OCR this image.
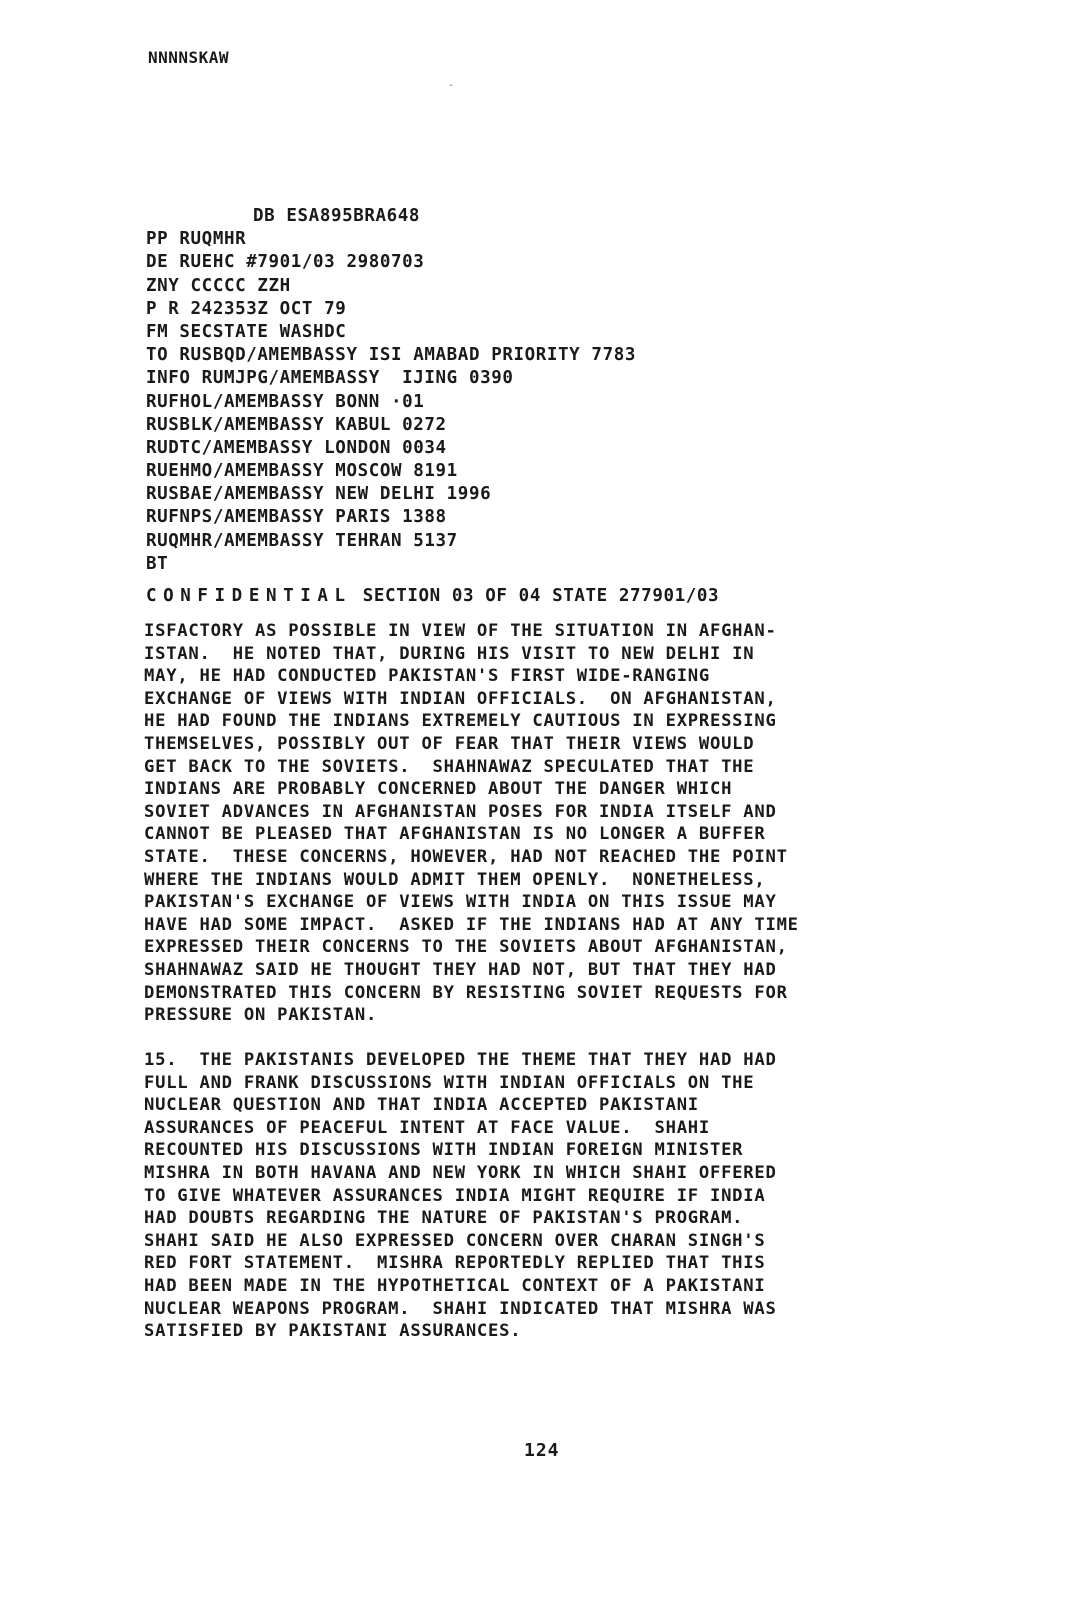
NNNNSKAW
-
DB ESA895BRA648
PP RUQMHR
DE RUEHC #7901/03 2980703
ZNY CCCCC ZZH
P R 242353Z OCT 79
FM SECSTATE WASHDC
TO RUSBQD/AMEMBASSY ISI AMABAD PRIORITY 7783
INFO RUMJPG/AMEMBASSY  IJING 0390
RUFHOL/AMEMBASSY BONN ·01
RUSBLK/AMEMBASSY KABUL 0272
RUDTC/AMEMBASSY LONDON 0034
RUEHMO/AMEMBASSY MOSCOW 8191
RUSBAE/AMEMBASSY NEW DELHI 1996
RUFNPS/AMEMBASSY PARIS 1388
RUQMHR/AMEMBASSY TEHRAN 5137
BT
CONFIDENTIAL SECTION 03 OF 04 STATE 277901/03
ISFACTORY AS POSSIBLE IN VIEW OF THE SITUATION IN AFGHAN-
ISTAN.  HE NOTED THAT, DURING HIS VISIT TO NEW DELHI IN
MAY, HE HAD CONDUCTED PAKISTAN'S FIRST WIDE-RANGING
EXCHANGE OF VIEWS WITH INDIAN OFFICIALS.  ON AFGHANISTAN,
HE HAD FOUND THE INDIANS EXTREMELY CAUTIOUS IN EXPRESSING
THEMSELVES, POSSIBLY OUT OF FEAR THAT THEIR VIEWS WOULD
GET BACK TO THE SOVIETS.  SHAHNAWAZ SPECULATED THAT THE
INDIANS ARE PROBABLY CONCERNED ABOUT THE DANGER WHICH
SOVIET ADVANCES IN AFGHANISTAN POSES FOR INDIA ITSELF AND
CANNOT BE PLEASED THAT AFGHANISTAN IS NO LONGER A BUFFER
STATE.  THESE CONCERNS, HOWEVER, HAD NOT REACHED THE POINT
WHERE THE INDIANS WOULD ADMIT THEM OPENLY.  NONETHELESS,
PAKISTAN'S EXCHANGE OF VIEWS WITH INDIA ON THIS ISSUE MAY
HAVE HAD SOME IMPACT.  ASKED IF THE INDIANS HAD AT ANY TIME
EXPRESSED THEIR CONCERNS TO THE SOVIETS ABOUT AFGHANISTAN,
SHAHNAWAZ SAID HE THOUGHT THEY HAD NOT, BUT THAT THEY HAD
DEMONSTRATED THIS CONCERN BY RESISTING SOVIET REQUESTS FOR
PRESSURE ON PAKISTAN.
15.  THE PAKISTANIS DEVELOPED THE THEME THAT THEY HAD HAD
FULL AND FRANK DISCUSSIONS WITH INDIAN OFFICIALS ON THE
NUCLEAR QUESTION AND THAT INDIA ACCEPTED PAKISTANI
ASSURANCES OF PEACEFUL INTENT AT FACE VALUE.  SHAHI
RECOUNTED HIS DISCUSSIONS WITH INDIAN FOREIGN MINISTER
MISHRA IN BOTH HAVANA AND NEW YORK IN WHICH SHAHI OFFERED
TO GIVE WHATEVER ASSURANCES INDIA MIGHT REQUIRE IF INDIA
HAD DOUBTS REGARDING THE NATURE OF PAKISTAN'S PROGRAM.
SHAHI SAID HE ALSO EXPRESSED CONCERN OVER CHARAN SINGH'S
RED FORT STATEMENT.  MISHRA REPORTEDLY REPLIED THAT THIS
HAD BEEN MADE IN THE HYPOTHETICAL CONTEXT OF A PAKISTANI
NUCLEAR WEAPONS PROGRAM.  SHAHI INDICATED THAT MISHRA WAS
SATISFIED BY PAKISTANI ASSURANCES.
124
